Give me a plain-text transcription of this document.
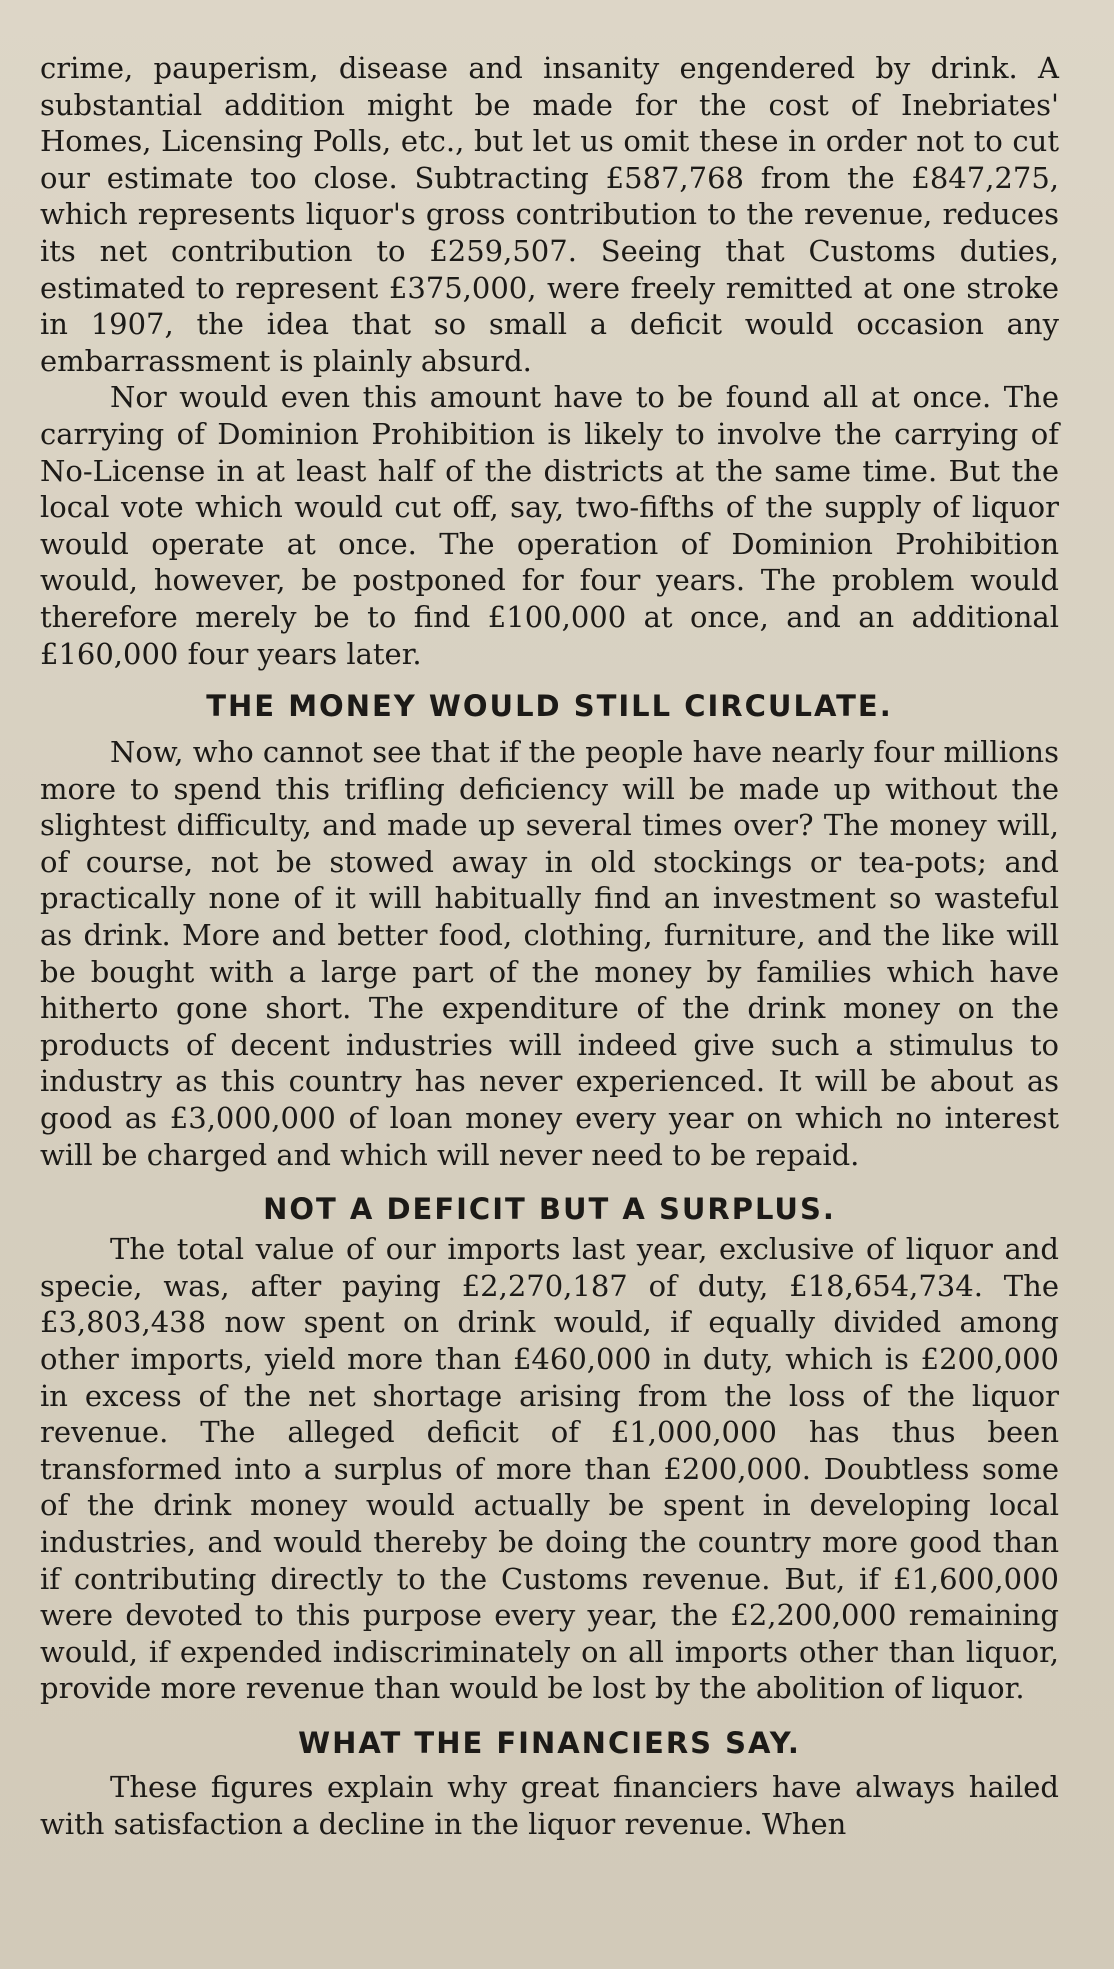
crime, pauperism, disease and insanity engendered by drink. A substantial addition might be made for the cost of Inebriates' Homes, Licensing Polls, etc., but let us omit these in order not to cut our estimate too close. Subtracting £587,768 from the £847,275, which represents liquor's gross contribution to the revenue, reduces its net contribution to £259,507. Seeing that Customs duties, estimated to represent £375,000, were freely remitted at one stroke in 1907, the idea that so small a deficit would occasion any embarrassment is plainly absurd.

Nor would even this amount have to be found all at once. The carrying of Dominion Prohibition is likely to involve the carrying of No-License in at least half of the districts at the same time. But the local vote which would cut off, say, two-fifths of the supply of liquor would operate at once. The operation of Dominion Prohibition would, however, be postponed for four years. The problem would therefore merely be to find £100,000 at once, and an additional £160,000 four years later.

THE MONEY WOULD STILL CIRCULATE.

Now, who cannot see that if the people have nearly four millions more to spend this trifling deficiency will be made up without the slightest difficulty, and made up several times over? The money will, of course, not be stowed away in old stockings or tea-pots; and practically none of it will habitually find an investment so wasteful as drink. More and better food, clothing, furniture, and the like will be bought with a large part of the money by families which have hitherto gone short. The expenditure of the drink money on the products of decent industries will indeed give such a stimulus to industry as this country has never experienced. It will be about as good as £3,000,000 of loan money every year on which no interest will be charged and which will never need to be repaid.

NOT A DEFICIT BUT A SURPLUS.

The total value of our imports last year, exclusive of liquor and specie, was, after paying £2,270,187 of duty, £18,654,734. The £3,803,438 now spent on drink would, if equally divided among other imports, yield more than £460,000 in duty, which is £200,000 in excess of the net shortage arising from the loss of the liquor revenue. The alleged deficit of £1,000,000 has thus been transformed into a surplus of more than £200,000. Doubtless some of the drink money would actually be spent in developing local industries, and would thereby be doing the country more good than if contributing directly to the Customs revenue. But, if £1,600,000 were devoted to this purpose every year, the £2,200,000 remaining would, if expended indiscriminately on all imports other than liquor, provide more revenue than would be lost by the abolition of liquor.

WHAT THE FINANCIERS SAY.

These figures explain why great financiers have always hailed with satisfaction a decline in the liquor revenue. When
